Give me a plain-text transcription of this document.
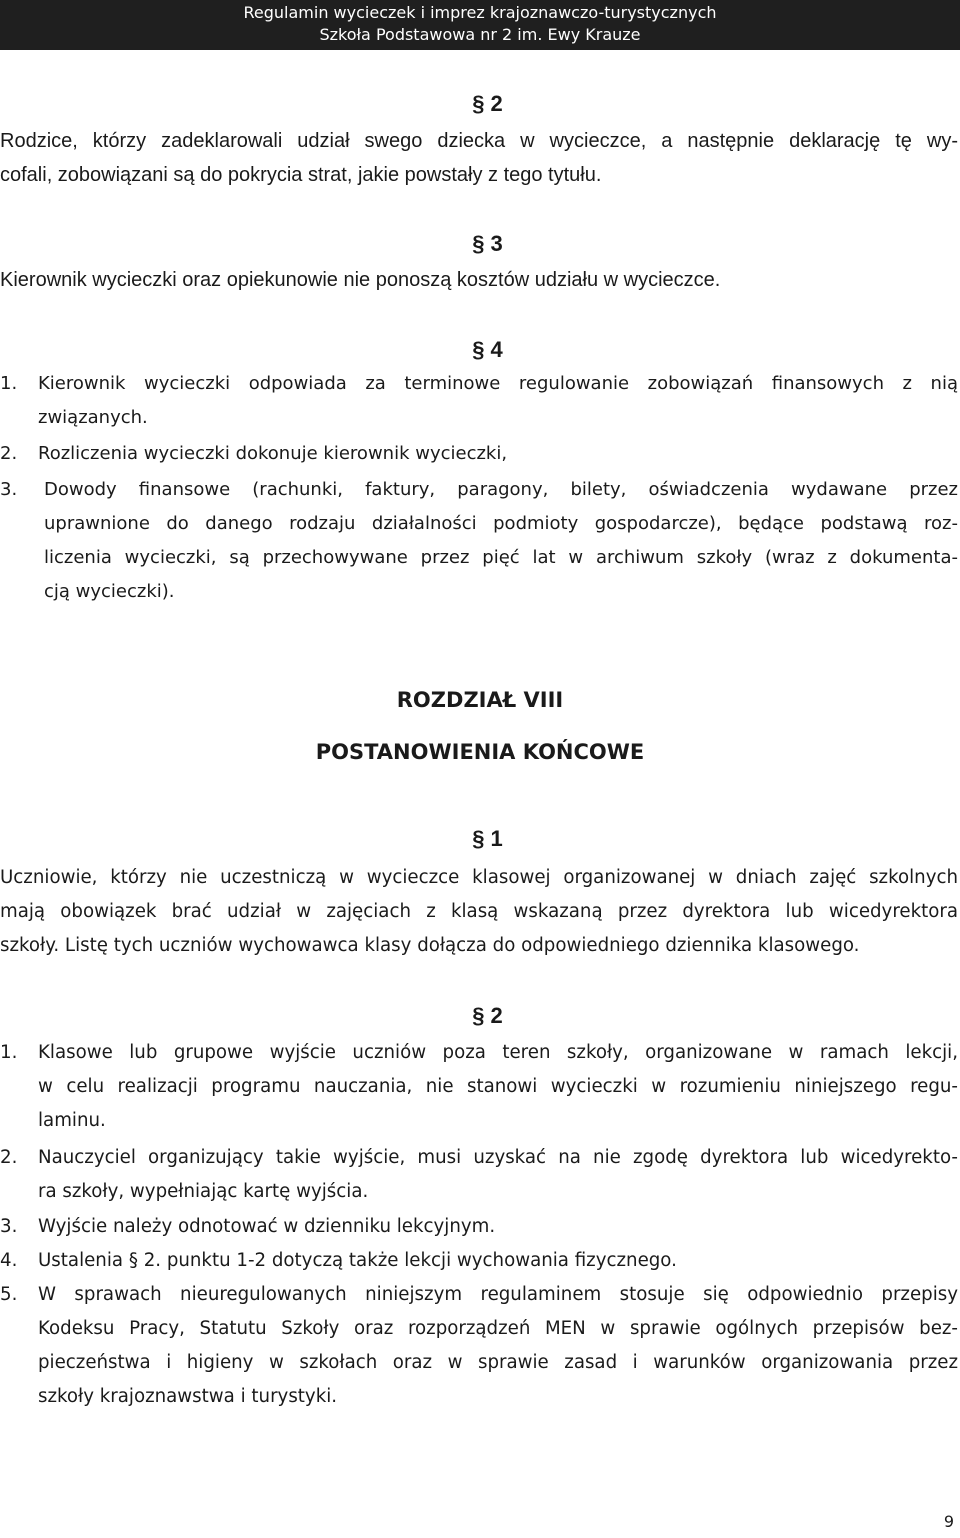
Regulamin wycieczek i imprez krajoznawczo-turystycznych
Szkoła Podstawowa nr 2 im. Ewy Krauze
§ 2
Rodzice, którzy zadeklarowali udział swego dziecka w wycieczce, a następnie deklarację tę wy-
cofali, zobowiązani są do pokrycia strat, jakie powstały z tego tytułu.
§ 3
Kierownik wycieczki oraz opiekunowie nie ponoszą kosztów udziału w wycieczce.
§ 4
1. Kierownik wycieczki odpowiada za terminowe regulowanie zobowiązań finansowych z nią
związanych.
2. Rozliczenia wycieczki dokonuje kierownik wycieczki,
3. Dowody finansowe (rachunki, faktury, paragony, bilety, oświadczenia wydawane przez
uprawnione do danego rodzaju działalności podmioty gospodarcze), będące podstawą roz-
liczenia wycieczki, są przechowywane przez pięć lat w archiwum szkoły (wraz z dokumenta-
cją wycieczki).
ROZDZIAŁ VIII
POSTANOWIENIA KOŃCOWE
§ 1
Uczniowie, którzy nie uczestniczą w wycieczce klasowej organizowanej w dniach zajęć szkolnych
mają obowiązek brać udział w zajęciach z klasą wskazaną przez dyrektora lub wicedyrektora
szkoły. Listę tych uczniów wychowawca klasy dołącza do odpowiedniego dziennika klasowego.
§ 2
1. Klasowe lub grupowe wyjście uczniów poza teren szkoły, organizowane w ramach lekcji,
w celu realizacji programu nauczania, nie stanowi wycieczki w rozumieniu niniejszego regu-
laminu.
2. Nauczyciel organizujący takie wyjście, musi uzyskać na nie zgodę dyrektora lub wicedyrekto-
ra szkoły, wypełniając kartę wyjścia.
3. Wyjście należy odnotować w dzienniku lekcyjnym.
4. Ustalenia § 2. punktu 1-2 dotyczą także lekcji wychowania fizycznego.
5. W sprawach nieuregulowanych niniejszym regulaminem stosuje się odpowiednio przepisy
Kodeksu Pracy, Statutu Szkoły oraz rozporządzeń MEN w sprawie ogólnych przepisów bez-
pieczeństwa i higieny w szkołach oraz w sprawie zasad i warunków organizowania przez
szkoły krajoznawstwa i turystyki.
9
